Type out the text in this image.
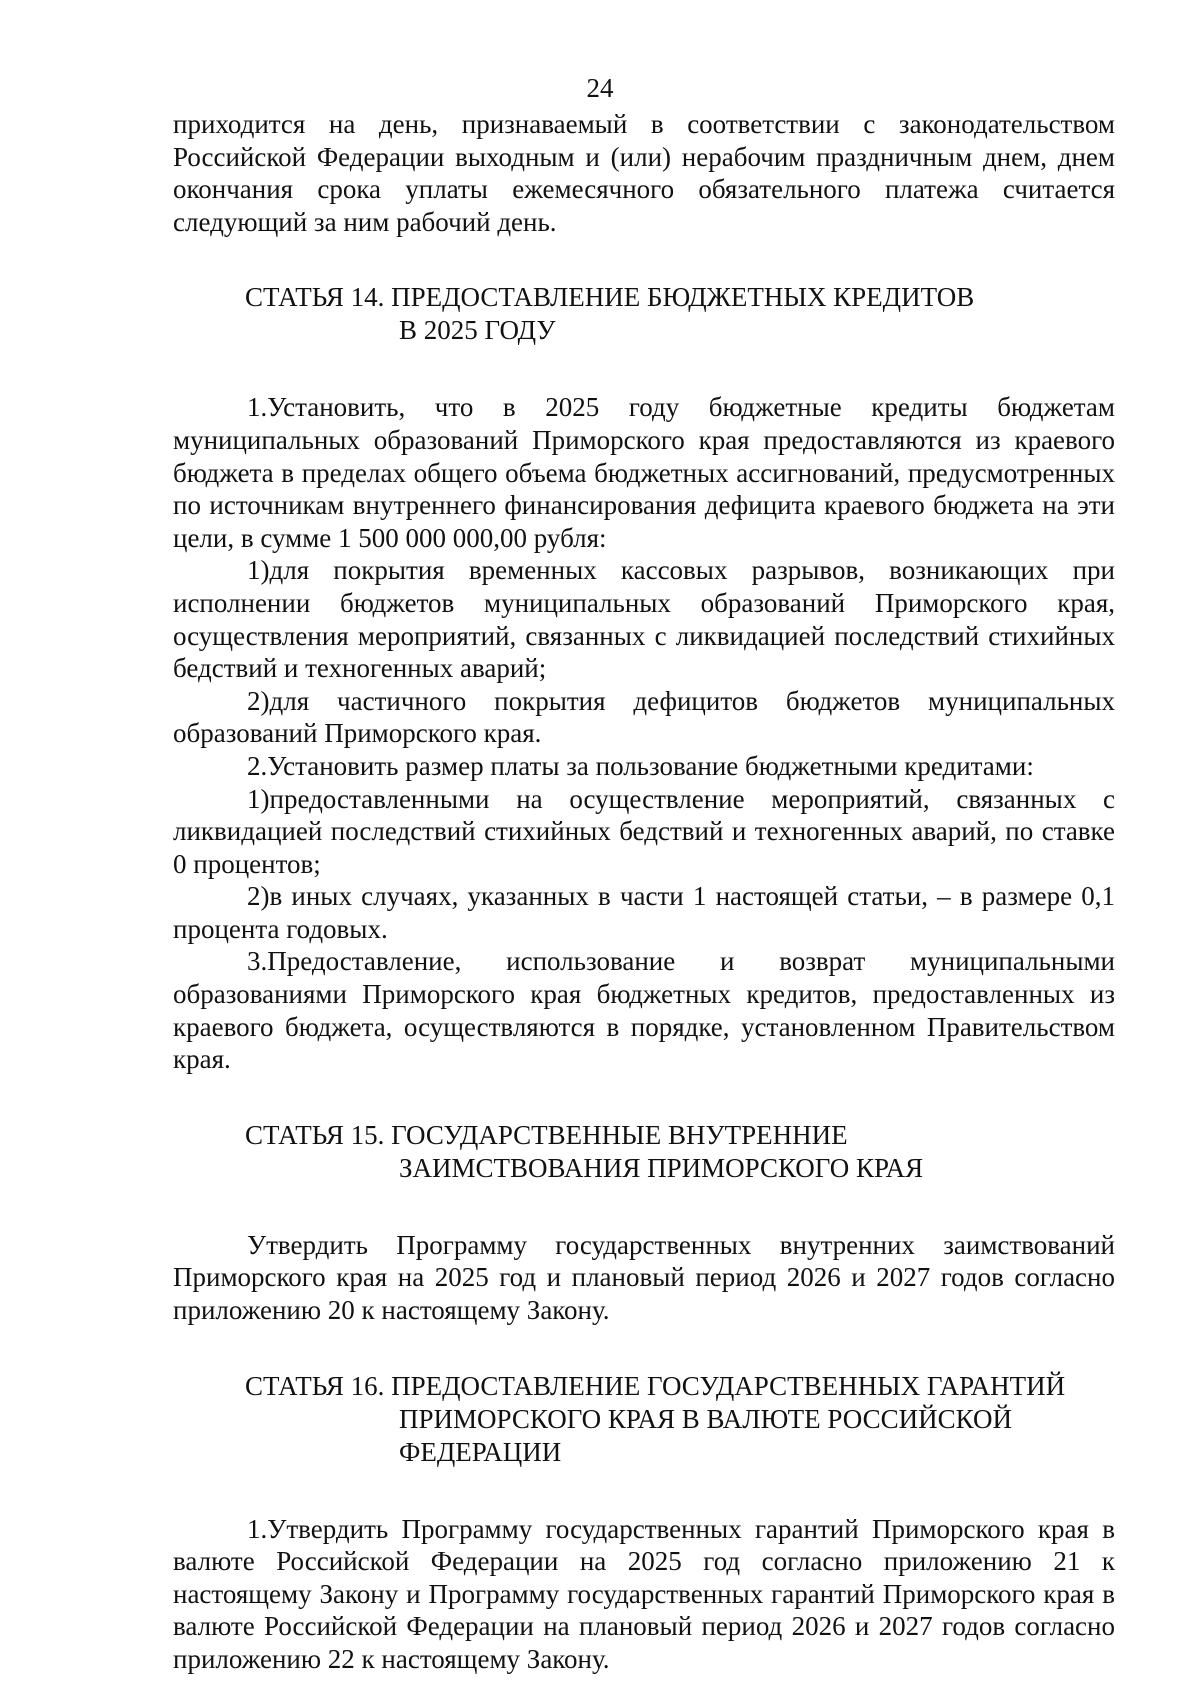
24

приходится на день, признаваемый в соответствии с законодательством Российской Федерации выходным и (или) нерабочим праздничным днем, днем окончания срока уплаты ежемесячного обязательного платежа считается следующий за ним рабочий день.

СТАТЬЯ 14. ПРЕДОСТАВЛЕНИЕ БЮДЖЕТНЫХ КРЕДИТОВ
В 2025 ГОДУ

1.Установить, что в 2025 году бюджетные кредиты бюджетам муниципальных образований Приморского края предоставляются из краевого бюджета в пределах общего объема бюджетных ассигнований, предусмотренных по источникам внутреннего финансирования дефицита краевого бюджета на эти цели, в сумме 1 500 000 000,00 рубля:

1)для покрытия временных кассовых разрывов, возникающих при исполнении бюджетов муниципальных образований Приморского края, осуществления мероприятий, связанных с ликвидацией последствий стихийных бедствий и техногенных аварий;

2)для частичного покрытия дефицитов бюджетов муниципальных образований Приморского края.

2.Установить размер платы за пользование бюджетными кредитами:

1)предоставленными на осуществление мероприятий, связанных с ликвидацией последствий стихийных бедствий и техногенных аварий, по ставке 0 процентов;

2)в иных случаях, указанных в части 1 настоящей статьи, – в размере 0,1 процента годовых.

3.Предоставление, использование и возврат муниципальными образованиями Приморского края бюджетных кредитов, предоставленных из краевого бюджета, осуществляются в порядке, установленном Правительством края.

СТАТЬЯ 15. ГОСУДАРСТВЕННЫЕ ВНУТРЕННИЕ
ЗАИМСТВОВАНИЯ ПРИМОРСКОГО КРАЯ

Утвердить Программу государственных внутренних заимствований Приморского края на 2025 год и плановый период 2026 и 2027 годов согласно приложению 20 к настоящему Закону.

СТАТЬЯ 16. ПРЕДОСТАВЛЕНИЕ ГОСУДАРСТВЕННЫХ ГАРАНТИЙ
ПРИМОРСКОГО КРАЯ В ВАЛЮТЕ РОССИЙСКОЙ
ФЕДЕРАЦИИ

1.Утвердить Программу государственных гарантий Приморского края в валюте Российской Федерации на 2025 год согласно приложению 21 к настоящему Закону и Программу государственных гарантий Приморского края в валюте Российской Федерации на плановый период 2026 и 2027 годов согласно приложению 22 к настоящему Закону.
